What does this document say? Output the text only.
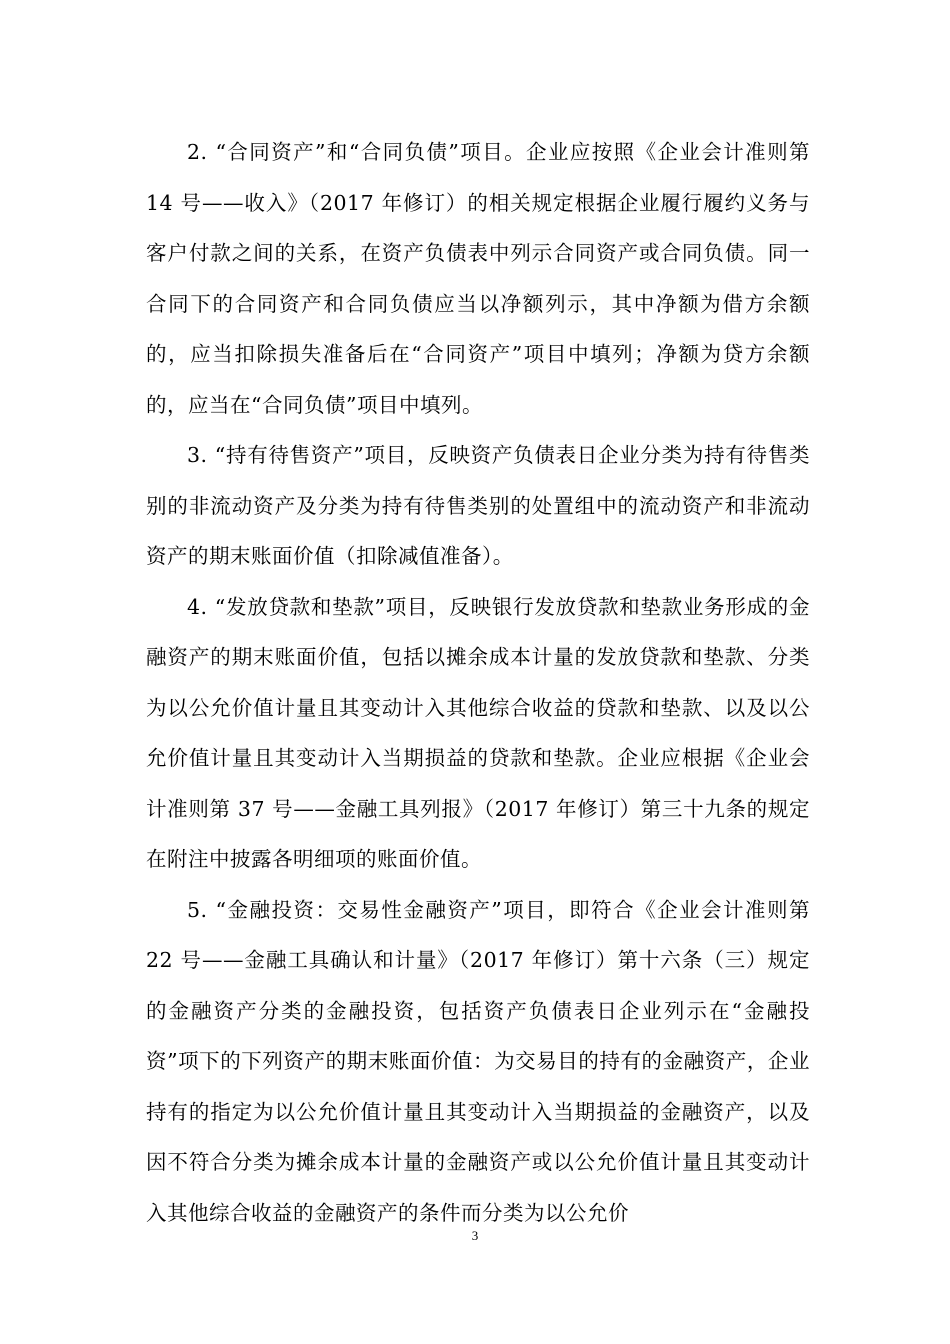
2. “合同资产”和“合同负债”项目。企业应按照《企业会计准则第 14 号——收入》（2017 年修订）的相关规定根据企业履行履约义务与客户付款之间的关系，在资产负债表中列示合同资产或合同负债。同一合同下的合同资产和合同负债应当以净额列示，其中净额为借方余额的，应当扣除损失准备后在“合同资产”项目中填列；净额为贷方余额的，应当在“合同负债”项目中填列。

3. “持有待售资产”项目，反映资产负债表日企业分类为持有待售类别的非流动资产及分类为持有待售类别的处置组中的流动资产和非流动资产的期末账面价值（扣除减值准备）。

4. “发放贷款和垫款”项目，反映银行发放贷款和垫款业务形成的金融资产的期末账面价值，包括以摊余成本计量的发放贷款和垫款、分类为以公允价值计量且其变动计入其他综合收益的贷款和垫款、以及以公允价值计量且其变动计入当期损益的贷款和垫款。企业应根据《企业会计准则第 37 号——金融工具列报》（2017 年修订）第三十九条的规定在附注中披露各明细项的账面价值。

5. “金融投资：交易性金融资产”项目，即符合《企业会计准则第 22 号——金融工具确认和计量》（2017 年修订）第十六条（三）规定的金融资产分类的金融投资，包括资产负债表日企业列示在“金融投资”项下的下列资产的期末账面价值：为交易目的持有的金融资产，企业持有的指定为以公允价值计量且其变动计入当期损益的金融资产，以及因不符合分类为摊余成本计量的金融资产或以公允价值计量且其变动计入其他综合收益的金融资产的条件而分类为以公允价

3
